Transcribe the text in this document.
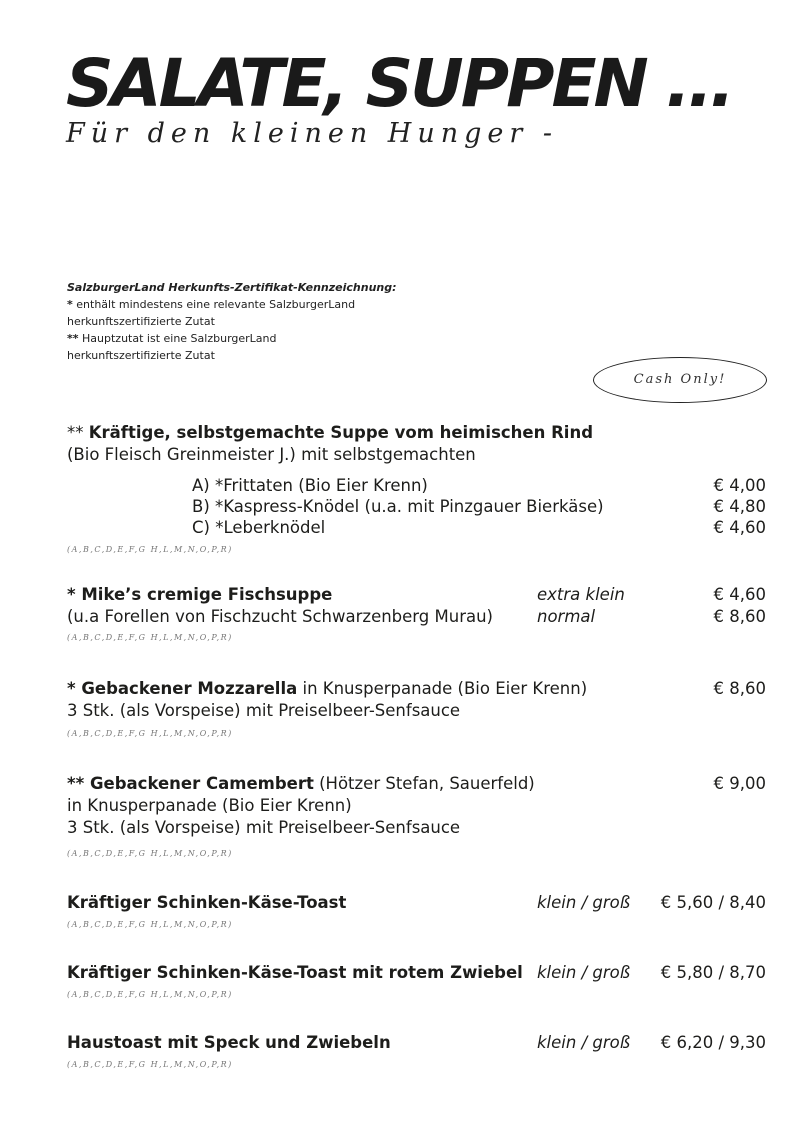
SALATE, SUPPEN ...
Für den kleinen Hunger -
SalzburgerLand Herkunfts-Zertifikat-Kennzeichnung:
* enthält mindestens eine relevante SalzburgerLand
herkunftszertifizierte Zutat
** Hauptzutat ist eine SalzburgerLand
herkunftszertifizierte Zutat
Cash Only!
** Kräftige, selbstgemachte Suppe vom heimischen Rind
(Bio Fleisch Greinmeister J.) mit selbstgemachten
A) *Frittaten (Bio Eier Krenn)	€ 4,00
B) *Kaspress-Knödel (u.a. mit Pinzgauer Bierkäse)	€ 4,80
C) *Leberknödel	€ 4,60
(A,B,C,D,E,F,G H,L,M,N,O,P,R)
* Mike’s cremige Fischsuppe	extra klein	€ 4,60
(u.a Forellen von Fischzucht Schwarzenberg Murau)	normal	€ 8,60
(A,B,C,D,E,F,G H,L,M,N,O,P,R)
* Gebackener Mozzarella in Knusperpanade (Bio Eier Krenn)	€ 8,60
3 Stk. (als Vorspeise) mit Preiselbeer-Senfsauce
(A,B,C,D,E,F,G H,L,M,N,O,P,R)
** Gebackener Camembert (Hötzer Stefan, Sauerfeld)	€ 9,00
in Knusperpanade (Bio Eier Krenn)
3 Stk. (als Vorspeise) mit Preiselbeer-Senfsauce
(A,B,C,D,E,F,G H,L,M,N,O,P,R)
Kräftiger Schinken-Käse-Toast	klein / groß	€ 5,60 / 8,40
(A,B,C,D,E,F,G H,L,M,N,O,P,R)
Kräftiger Schinken-Käse-Toast mit rotem Zwiebel klein / groß	€ 5,80 / 8,70
(A,B,C,D,E,F,G H,L,M,N,O,P,R)
Haustoast mit Speck und Zwiebeln	klein / groß	€ 6,20 / 9,30
(A,B,C,D,E,F,G H,L,M,N,O,P,R)
